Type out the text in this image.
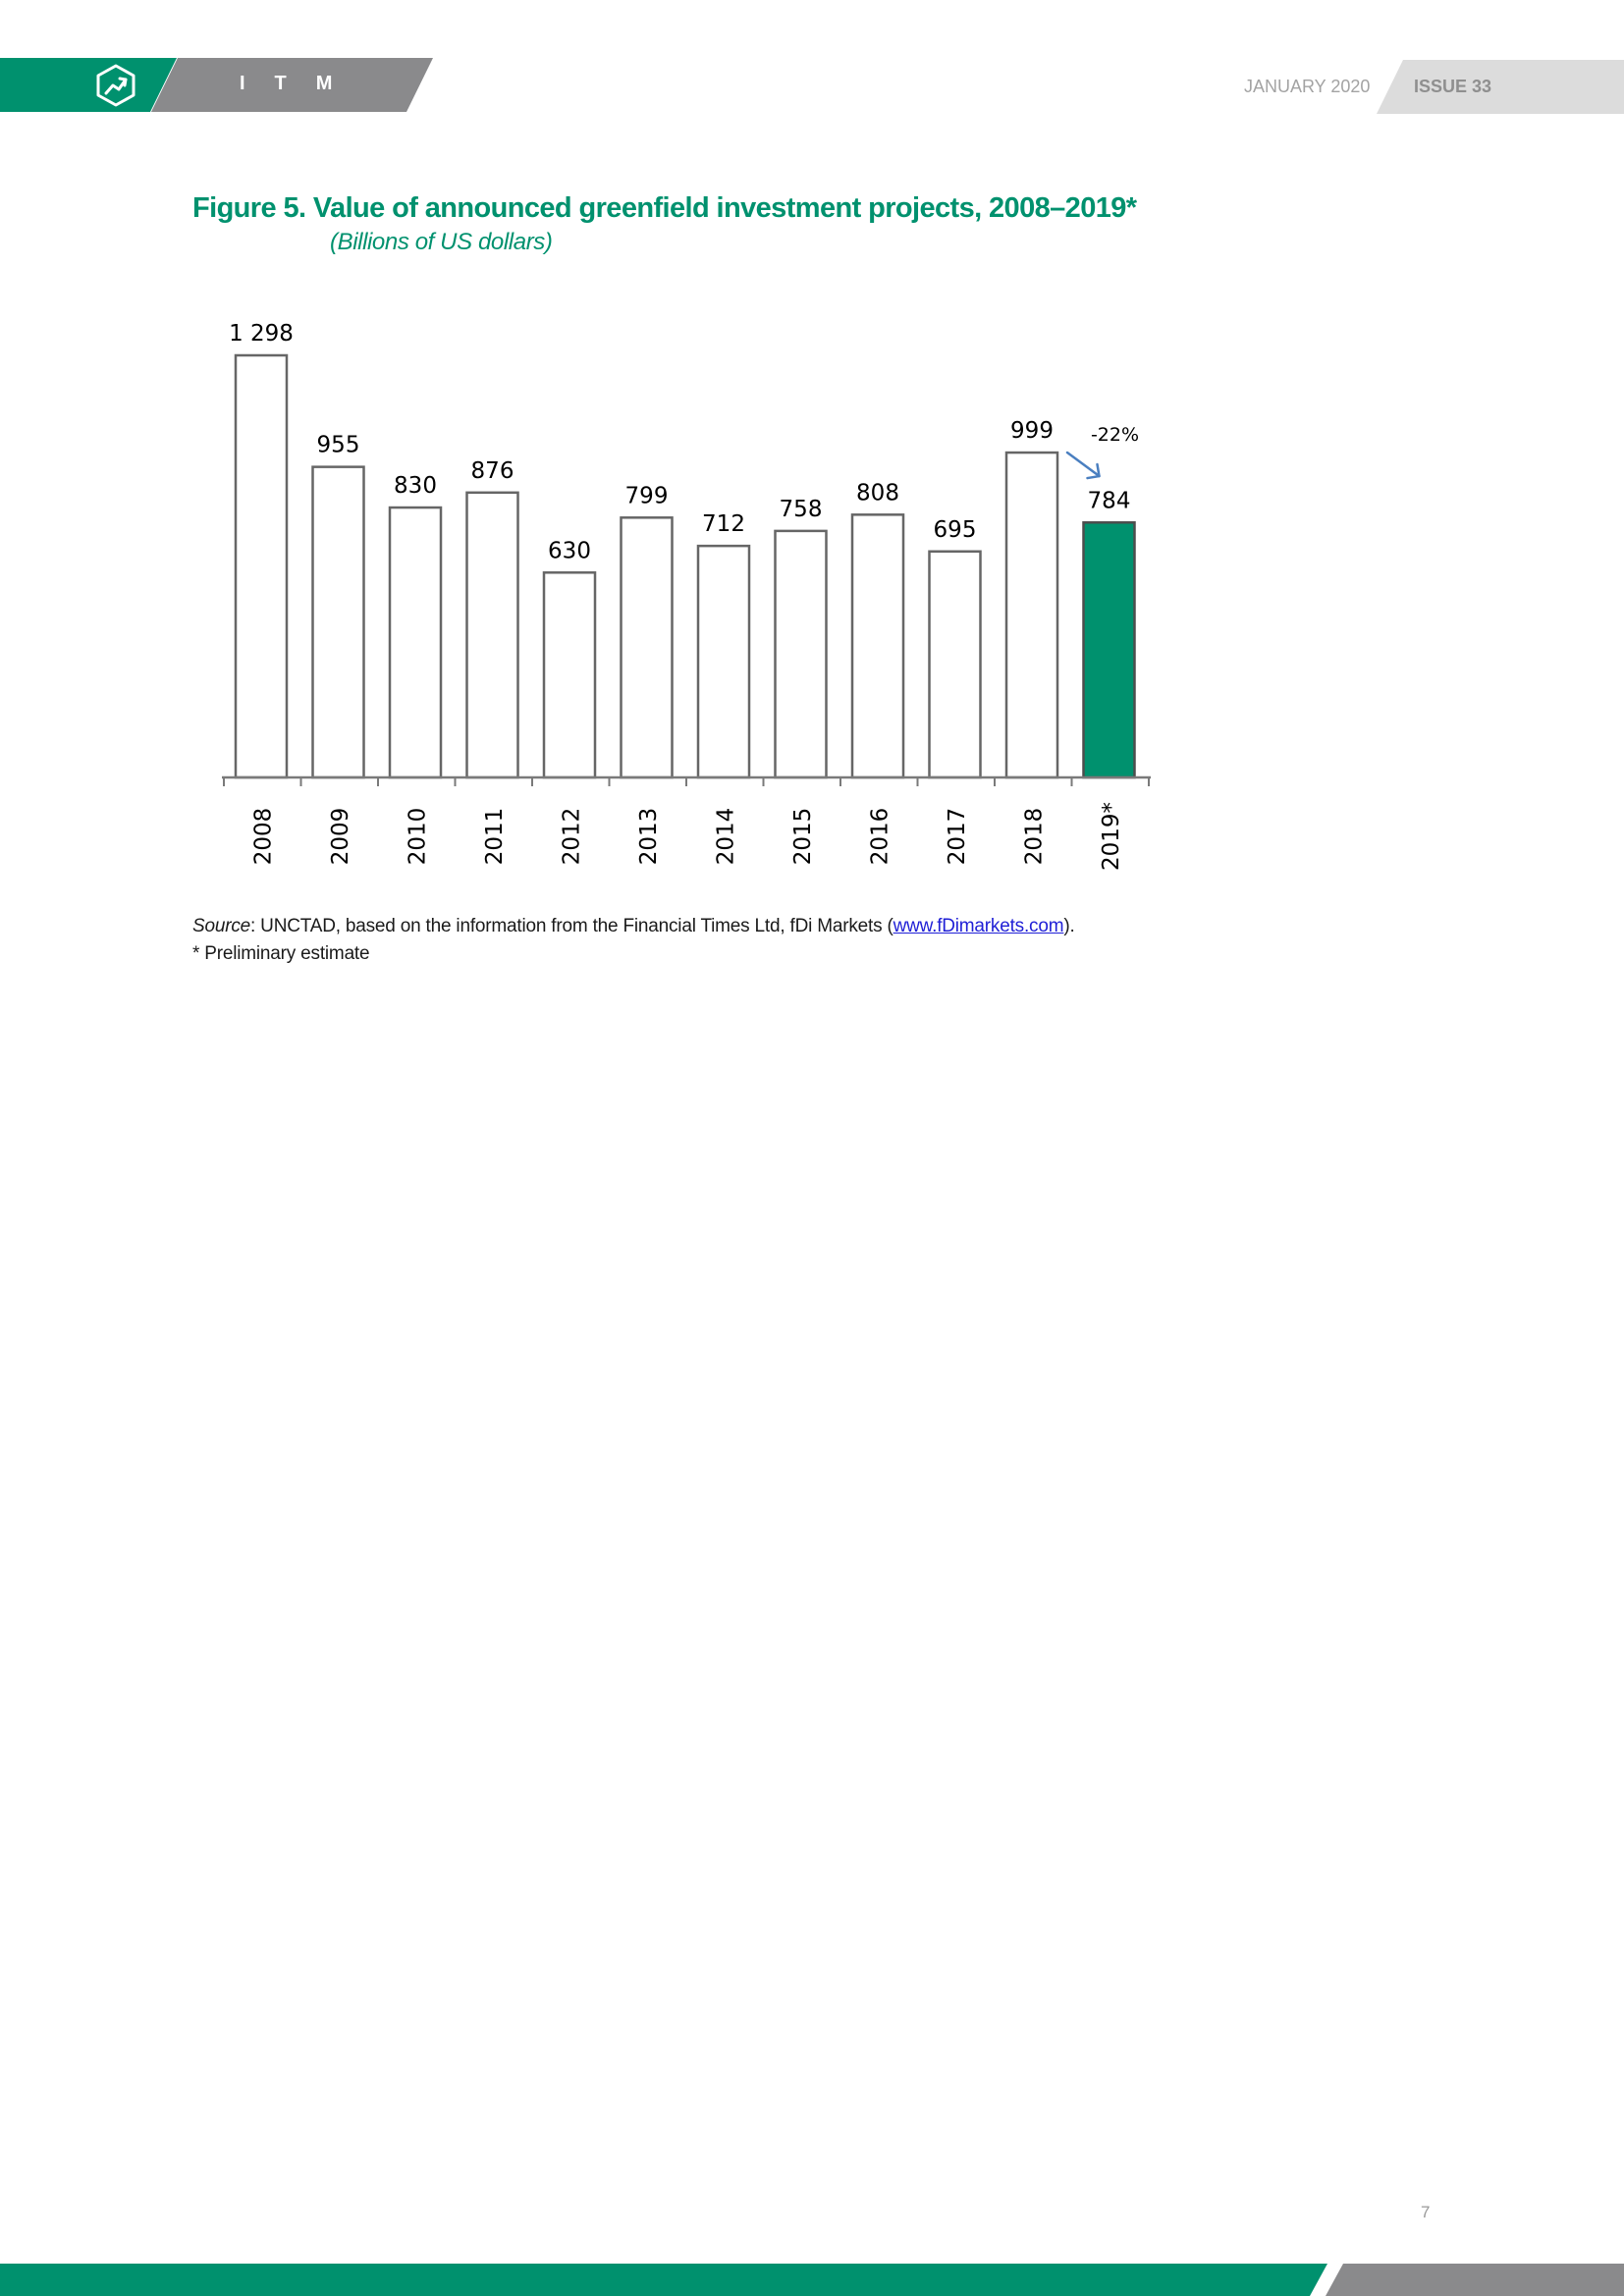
ITM	JANUARY 2020 ISSUE 33
Figure 5. Value of announced greenfield investment projects, 2008–2019*
(Billions of US dollars)
1 298
955
830
876
630
799
712
758
808
695
999
784
2008 2009 2010 2011 2012 2013 2014 2015 2016 2017 2018 2019*
-22%
Source: UNCTAD, based on the information from the Financial Times Ltd, fDi Markets (www.fDimarkets.com).
* Preliminary estimate
7
